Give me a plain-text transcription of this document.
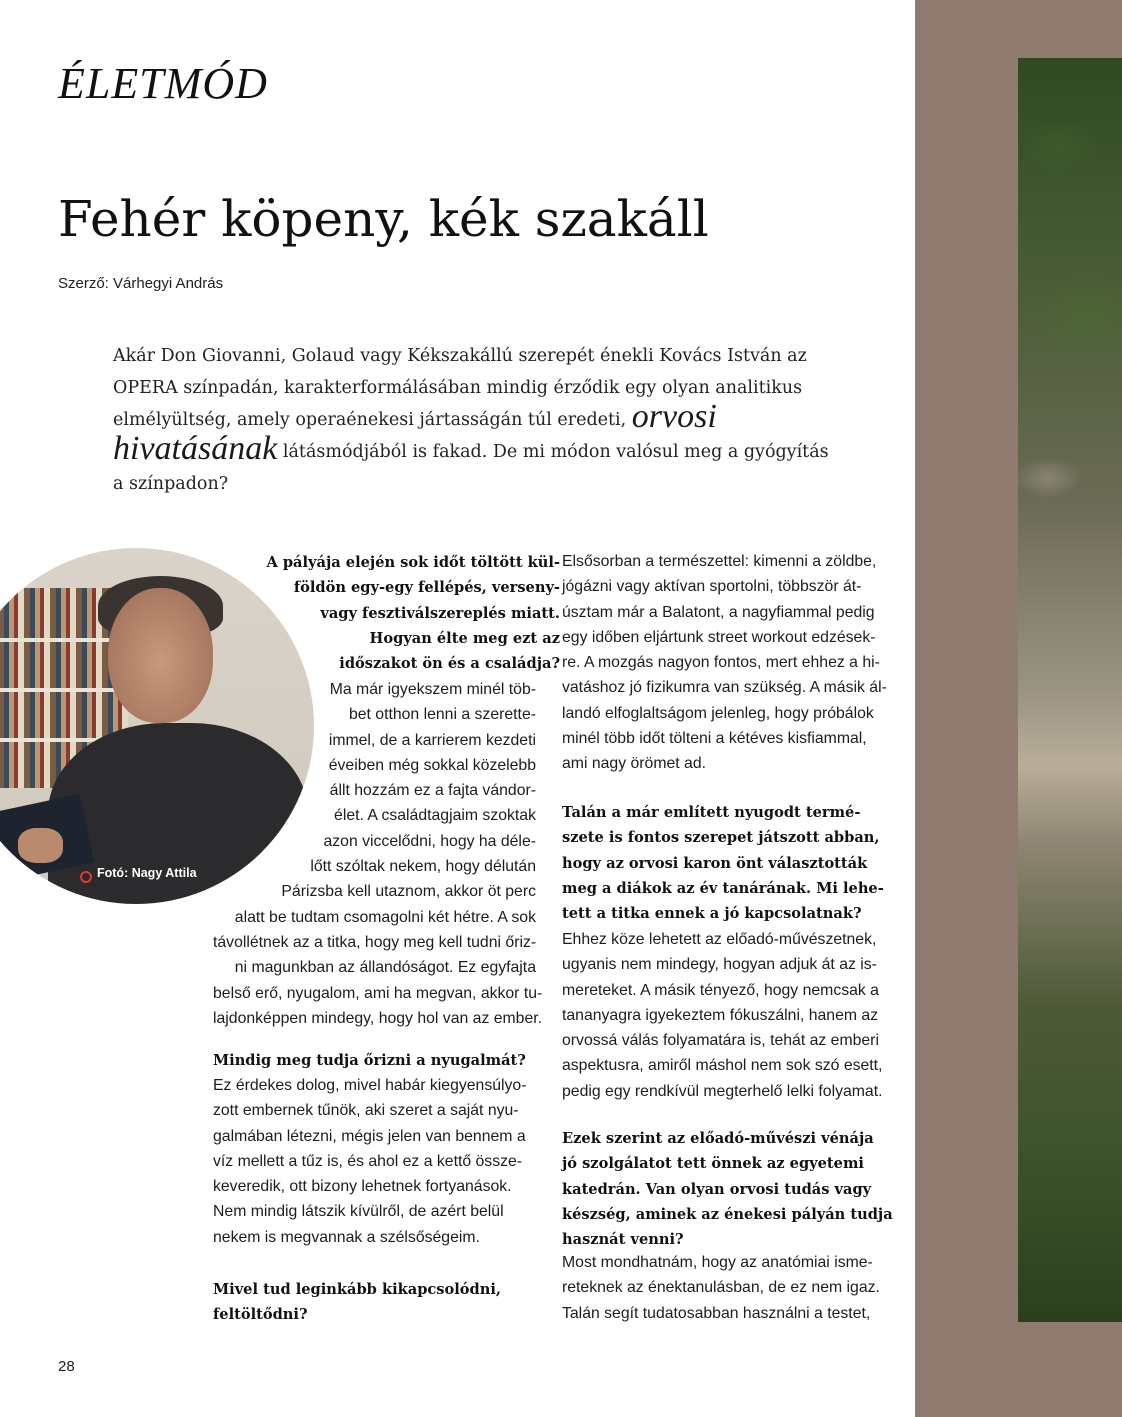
ÉLETMÓD
Fehér köpeny, kék szakáll
Szerző: Várhegyi András

Akár Don Giovanni, Golaud vagy Kékszakállú szerepét énekli Kovács István az OPERA színpadán, karakterformálásában mindig érződik egy olyan analitikus elmélyültség, amely operaénekesi jártasságán túl eredeti, orvosi hivatásának látásmódjából is fakad. De mi módon valósul meg a gyógyítás a színpadon?

Fotó: Nagy Attila
A pályája elején sok időt töltött kül-
földön egy-egy fellépés, verseny-
vagy fesztiválszereplés miatt.
Hogyan élte meg ezt az
időszakot ön és a családja?
Ma már igyekszem minél töb-
bet otthon lenni a szerette-
immel, de a karrierem kezdeti
éveiben még sokkal közelebb
állt hozzám ez a fajta vándor-
élet. A családtagjaim szoktak
azon viccelődni, hogy ha déle-
lőtt szóltak nekem, hogy délután
Párizsba kell utaznom, akkor öt perc
alatt be tudtam csomagolni két hétre. A sok
távollétnek az a titka, hogy meg kell tudni őriz-
ni magunkban az állandóságot. Ez egyfajta
belső erő, nyugalom, ami ha megvan, akkor tu-
lajdonképpen mindegy, hogy hol van az ember.
Mindig meg tudja őrizni a nyugalmát?
Ez érdekes dolog, mivel habár kiegyensúlyo-
zott embernek tűnök, aki szeret a saját nyu-
galmában létezni, mégis jelen van bennem a
víz mellett a tűz is, és ahol ez a kettő össze-
keveredik, ott bizony lehetnek fortyanások.
Nem mindig látszik kívülről, de azért belül
nekem is megvannak a szélsőségeim.
Mivel tud leginkább kikapcsolódni,
feltöltődni?
Elsősorban a természettel: kimenni a zöldbe,
jógázni vagy aktívan sportolni, többször át-
úsztam már a Balatont, a nagyfiammal pedig
egy időben eljártunk street workout edzések-
re. A mozgás nagyon fontos, mert ehhez a hi-
vatáshoz jó fizikumra van szükség. A másik ál-
landó elfoglaltságom jelenleg, hogy próbálok
minél több időt tölteni a kétéves kisfiammal,
ami nagy örömet ad.
Talán a már említett nyugodt termé-
szete is fontos szerepet játszott abban,
hogy az orvosi karon önt választották
meg a diákok az év tanárának. Mi lehe-
tett a titka ennek a jó kapcsolatnak?
Ehhez köze lehetett az előadó-művészetnek,
ugyanis nem mindegy, hogyan adjuk át az is-
mereteket. A másik tényező, hogy nemcsak a
tananyagra igyekeztem fókuszálni, hanem az
orvossá válás folyamatára is, tehát az emberi
aspektusra, amiről máshol nem sok szó esett,
pedig egy rendkívül megterhelő lelki folyamat.
Ezek szerint az előadó-művészi vénája
jó szolgálatot tett önnek az egyetemi
katedrán. Van olyan orvosi tudás vagy
készség, aminek az énekesi pályán tudja
hasznát venni?
Most mondhatnám, hogy az anatómiai isme-
reteknek az énektanulásban, de ez nem igaz.
Talán segít tudatosabban használni a testet,
28
